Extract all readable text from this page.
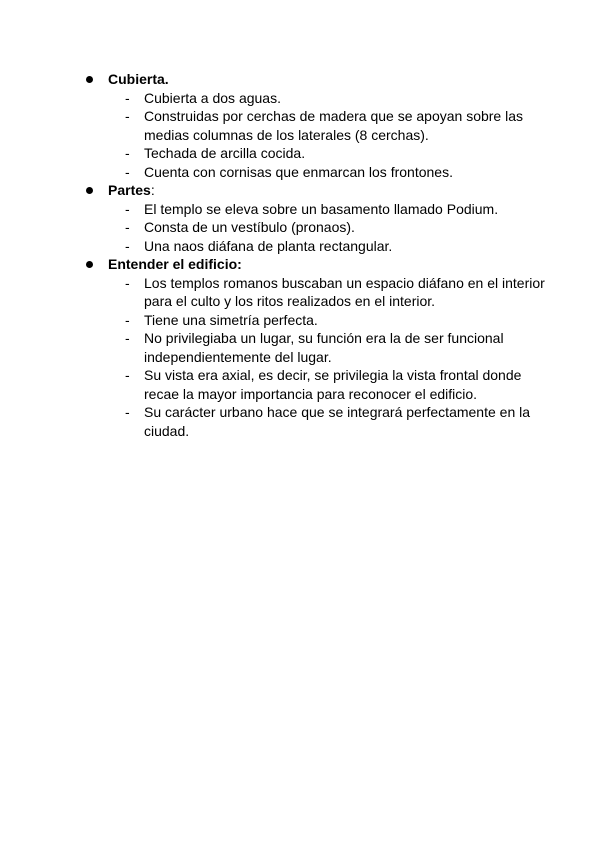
Cubierta.
- Cubierta a dos aguas.
- Construidas por cerchas de madera que se apoyan sobre las medias columnas de los laterales (8 cerchas).
- Techada de arcilla cocida.
- Cuenta con cornisas que enmarcan los frontones.
Partes:
- El templo se eleva sobre un basamento llamado Podium.
- Consta de un vestíbulo (pronaos).
- Una naos diáfana de planta rectangular.
Entender el edificio:
- Los templos romanos buscaban un espacio diáfano en el interior para el culto y los ritos realizados en el interior.
- Tiene una simetría perfecta.
- No privilegiaba un lugar, su función era la de ser funcional independientemente del lugar.
- Su vista era axial, es decir, se privilegia la vista frontal donde recae la mayor importancia para reconocer el edificio.
- Su carácter urbano hace que se integrará perfectamente en la ciudad.
